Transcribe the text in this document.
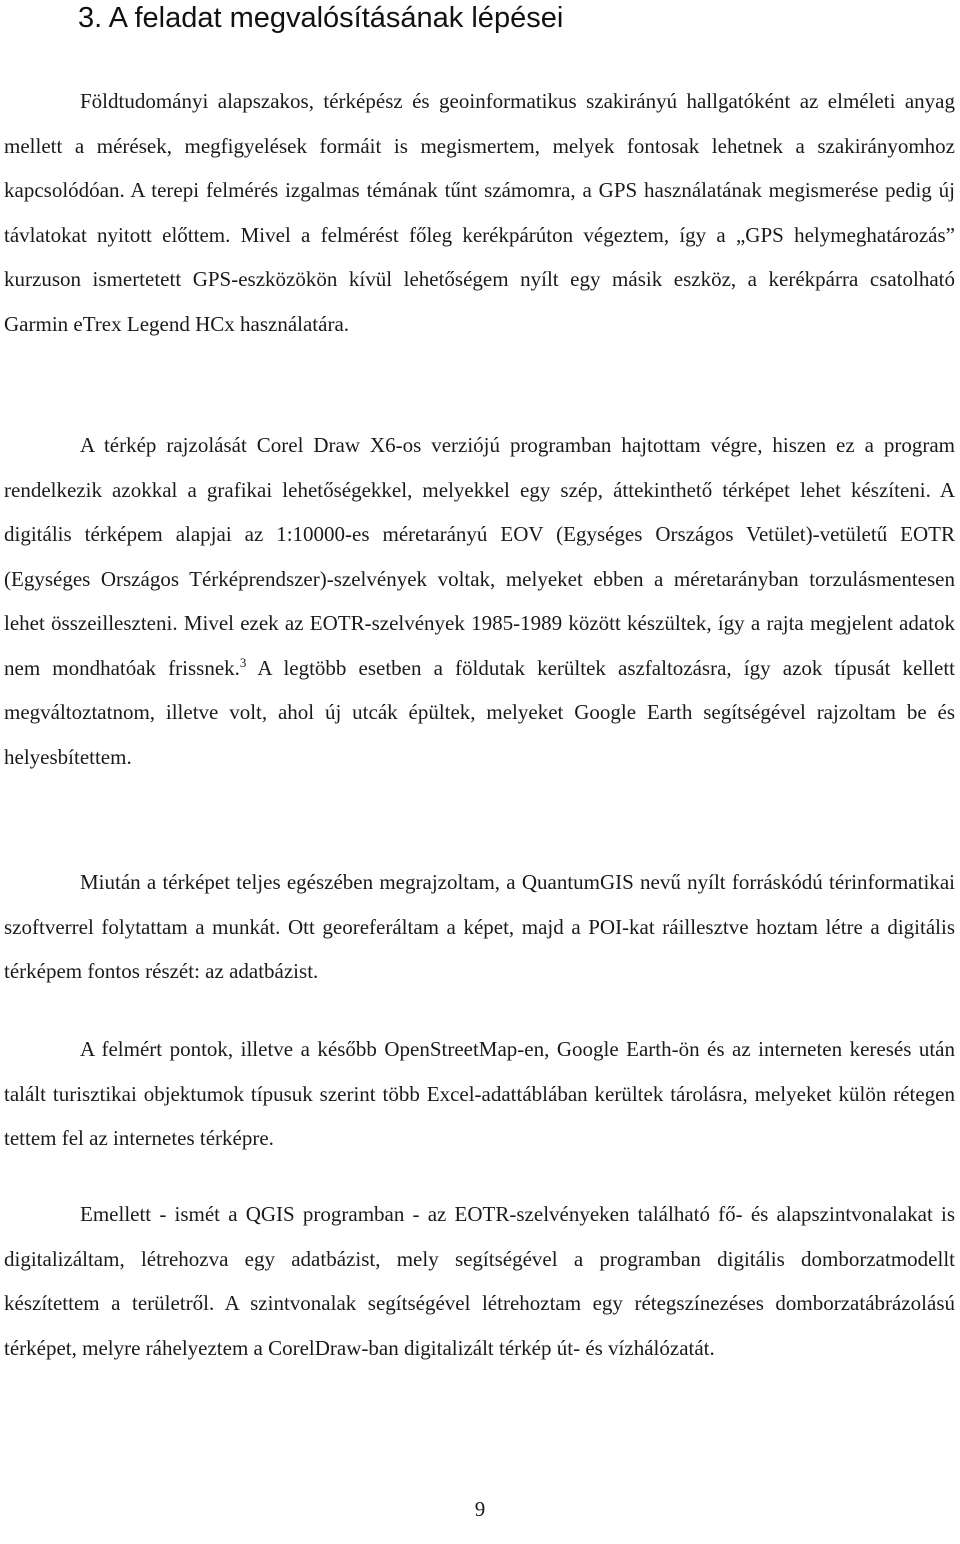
3. A feladat megvalósításának lépései

Földtudományi alapszakos, térképész és geoinformatikus szakirányú hallgatóként az elméleti anyag mellett a mérések, megfigyelések formáit is megismertem, melyek fontosak lehetnek a szakirányomhoz kapcsolódóan. A terepi felmérés izgalmas témának tűnt számomra, a GPS használatának megismerése pedig új távlatokat nyitott előttem. Mivel a felmérést főleg kerékpárúton végeztem, így a „GPS helymeghatározás” kurzuson ismertetett GPS-eszközökön kívül lehetőségem nyílt egy másik eszköz, a kerékpárra csatolható Garmin eTrex Legend HCx használatára.

A térkép rajzolását Corel Draw X6-os verziójú programban hajtottam végre, hiszen ez a program rendelkezik azokkal a grafikai lehetőségekkel, melyekkel egy szép, áttekinthető térképet lehet készíteni. A digitális térképem alapjai az 1:10000-es méretarányú EOV (Egységes Országos Vetület)-vetületű EOTR (Egységes Országos Térképrendszer)-szelvények voltak, melyeket ebben a méretarányban torzulásmentesen lehet összeilleszteni. Mivel ezek az EOTR-szelvények 1985-1989 között készültek, így a rajta megjelent adatok nem mondhatóak frissnek.$^3$ A legtöbb esetben a földutak kerültek aszfaltozásra, így azok típusát kellett megváltoztatnom, illetve volt, ahol új utcák épültek, melyeket Google Earth segítségével rajzoltam be és helyesbítettem.

Miután a térképet teljes egészében megrajzoltam, a QuantumGIS nevű nyílt forráskódú térinformatikai szoftverrel folytattam a munkát. Ott georeferáltam a képet, majd a POI-kat ráillesztve hoztam létre a digitális térképem fontos részét: az adatbázist.

A felmért pontok, illetve a később OpenStreetMap-en, Google Earth-ön és az interneten keresés után talált turisztikai objektumok típusuk szerint több Excel-adattáblában kerültek tárolásra, melyeket külön rétegen tettem fel az internetes térképre.

Emellett - ismét a QGIS programban - az EOTR-szelvényeken található fő- és alapszintvonalakat is digitalizáltam, létrehozva egy adatbázist, mely segítségével a programban digitális domborzatmodellt készítettem a területről. A szintvonalak segítségével létrehoztam egy rétegszínezéses domborzatábrázolású térképet, melyre ráhelyeztem a CorelDraw-ban digitalizált térkép út- és vízhálózatát.

9
